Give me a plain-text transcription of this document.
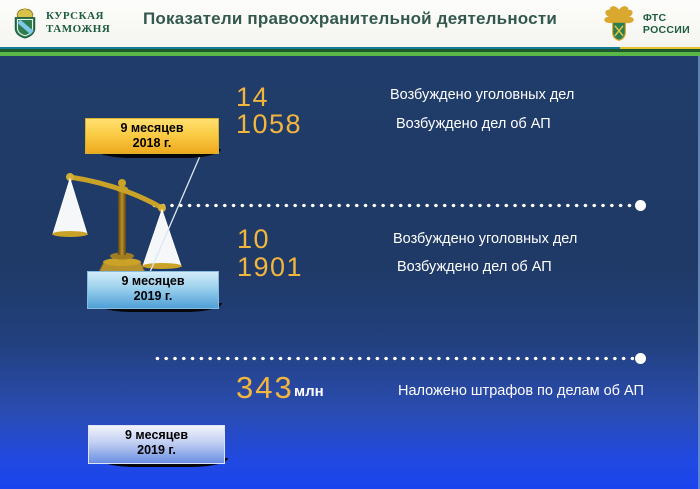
КУРСКАЯ
ТАМОЖНЯ
Показатели правоохранительной деятельности	ФТС
РОССИИ
9 месяцев
2018 г.
9 месяцев
2019 г.
9 месяцев
2019 г.
14	Возбуждено уголовных дел
1058	Возбуждено дел об АП
10	Возбуждено уголовных дел
1901	Возбуждено дел об АП
343 млн	Наложено штрафов по делам об АП
